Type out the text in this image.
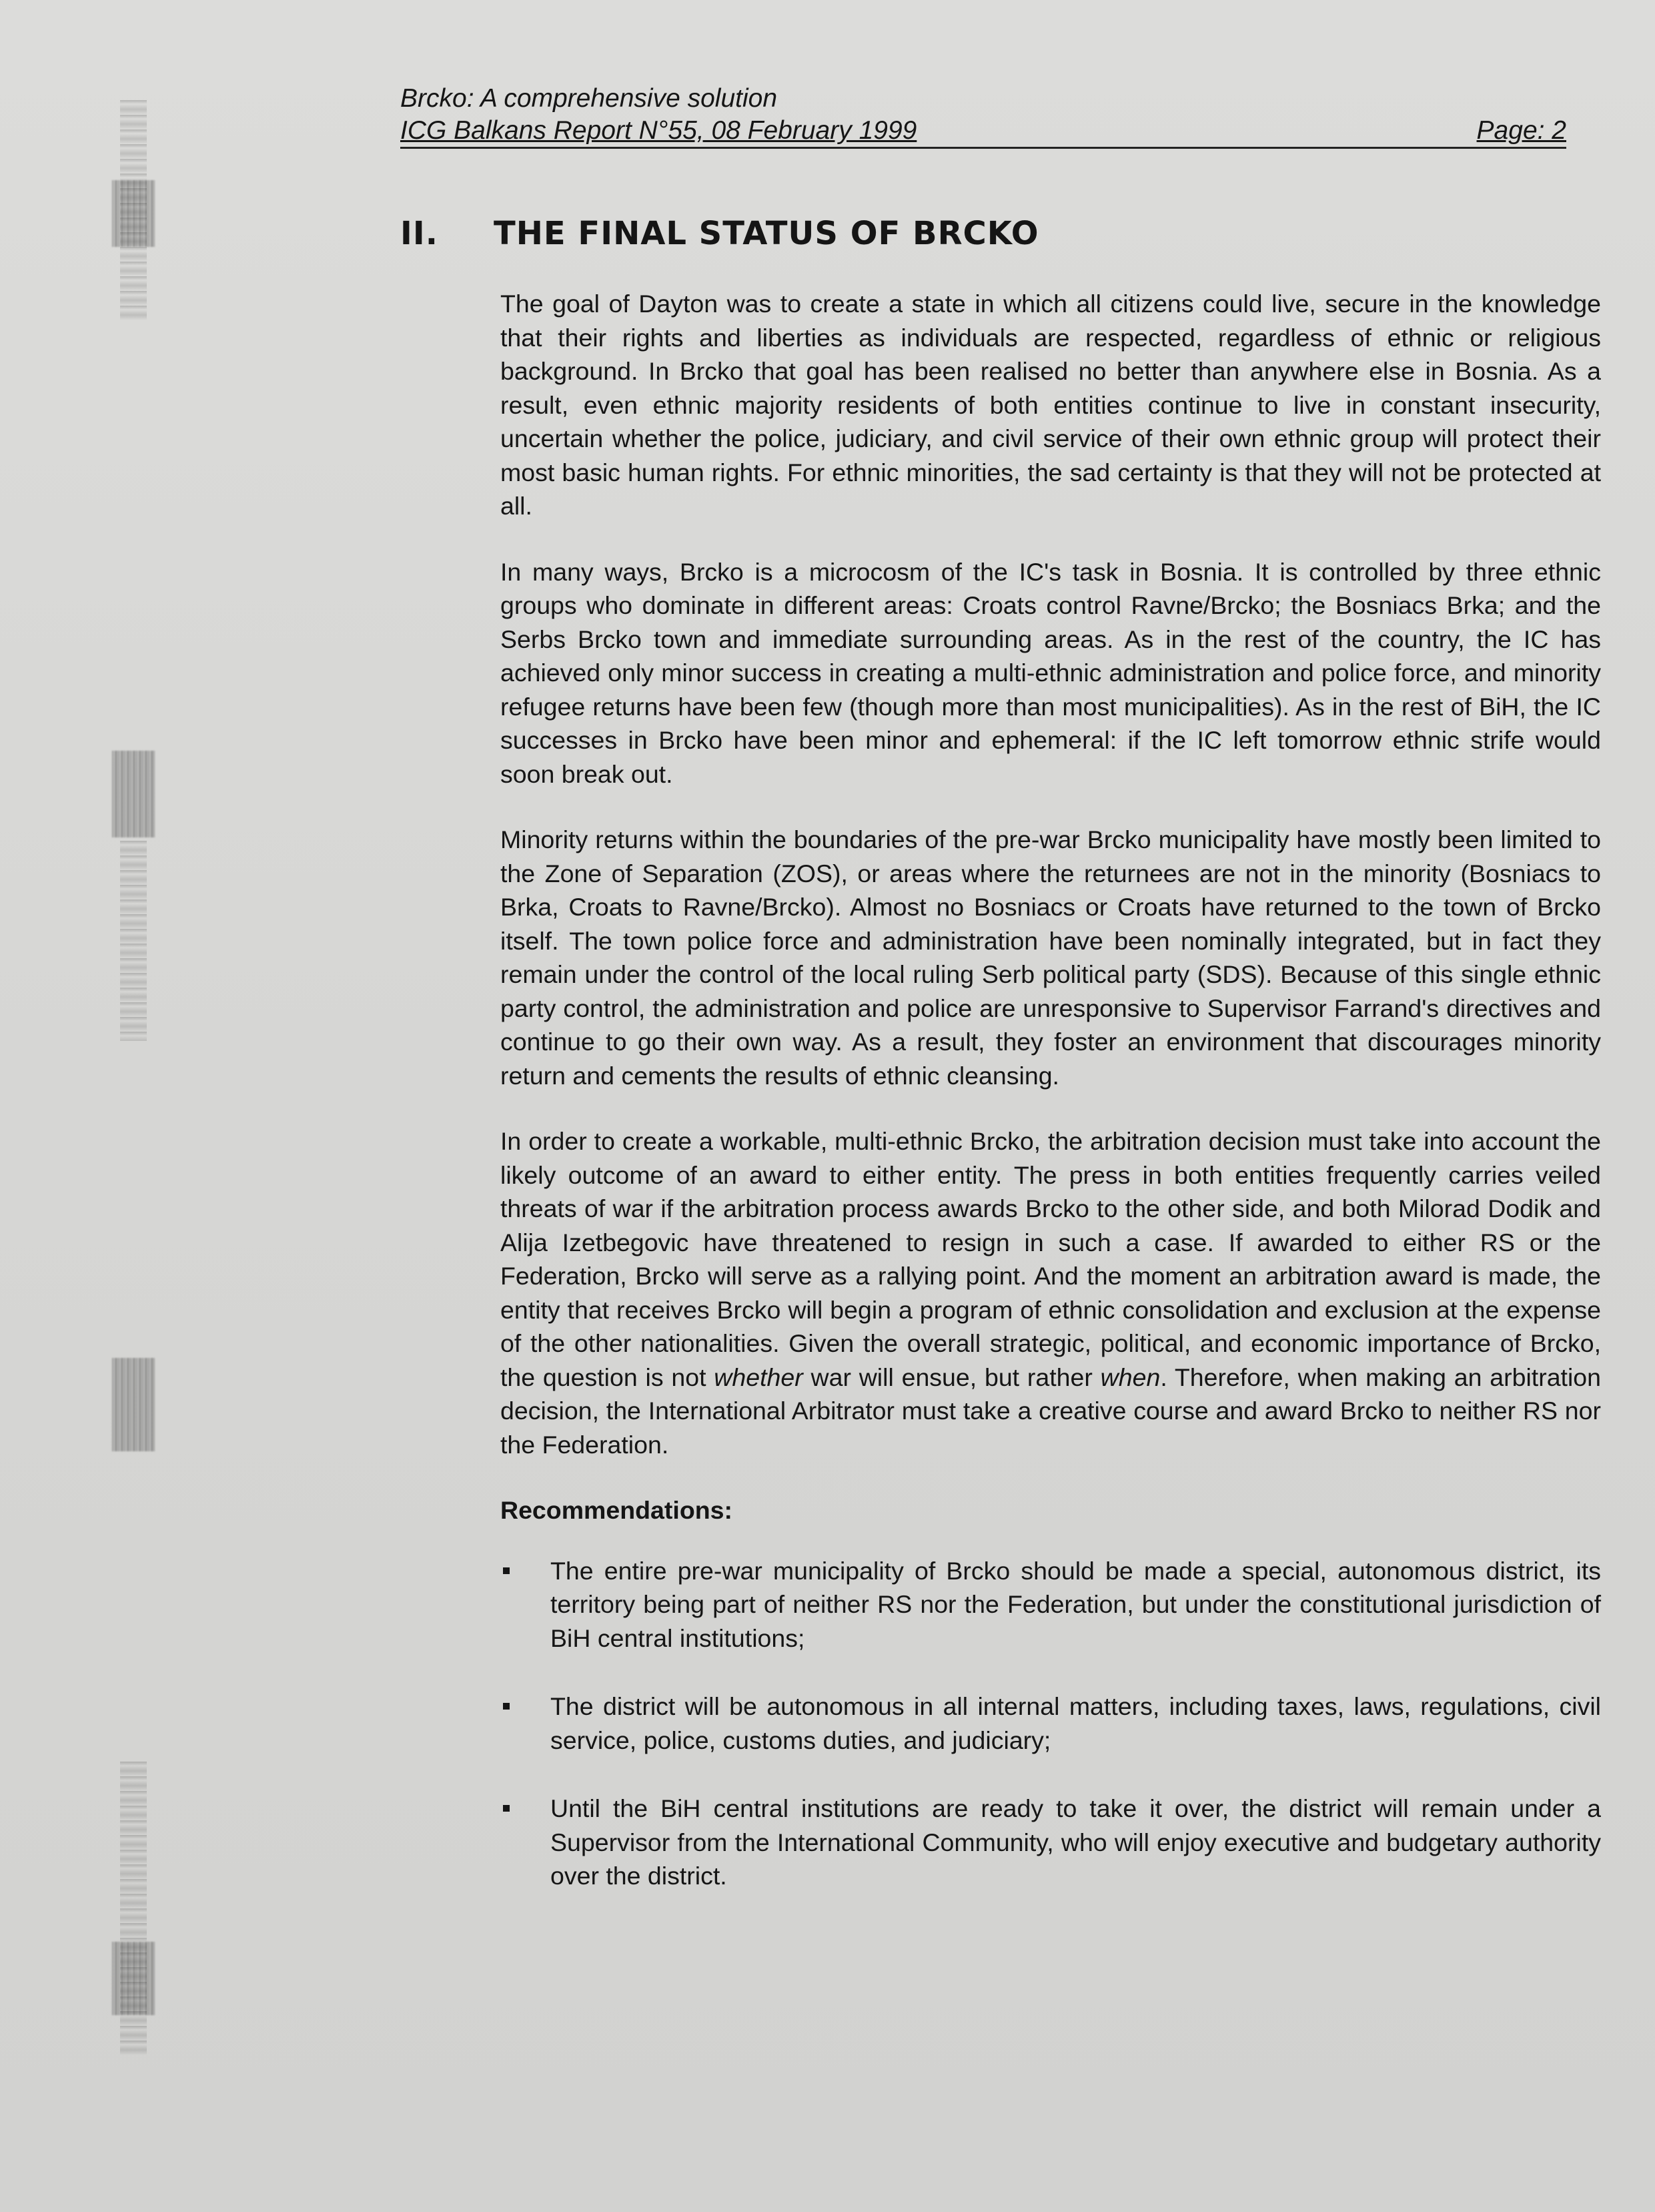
Brcko: A comprehensive solution
ICG Balkans Report N°55, 08 February 1999	Page: 2
II.	THE FINAL STATUS OF BRCKO

The goal of Dayton was to create a state in which all citizens could live, secure in the knowledge that their rights and liberties as individuals are respected, regardless of ethnic or religious background. In Brcko that goal has been realised no better than anywhere else in Bosnia. As a result, even ethnic majority residents of both entities continue to live in constant insecurity, uncertain whether the police, judiciary, and civil service of their own ethnic group will protect their most basic human rights. For ethnic minorities, the sad certainty is that they will not be protected at all.

In many ways, Brcko is a microcosm of the IC's task in Bosnia. It is controlled by three ethnic groups who dominate in different areas: Croats control Ravne/Brcko; the Bosniacs Brka; and the Serbs Brcko town and immediate surrounding areas. As in the rest of the country, the IC has achieved only minor success in creating a multi-ethnic administration and police force, and minority refugee returns have been few (though more than most municipalities). As in the rest of BiH, the IC successes in Brcko have been minor and ephemeral: if the IC left tomorrow ethnic strife would soon break out.

Minority returns within the boundaries of the pre-war Brcko municipality have mostly been limited to the Zone of Separation (ZOS), or areas where the returnees are not in the minority (Bosniacs to Brka, Croats to Ravne/Brcko). Almost no Bosniacs or Croats have returned to the town of Brcko itself. The town police force and administration have been nominally integrated, but in fact they remain under the control of the local ruling Serb political party (SDS). Because of this single ethnic party control, the administration and police are unresponsive to Supervisor Farrand's directives and continue to go their own way. As a result, they foster an environment that discourages minority return and cements the results of ethnic cleansing.

In order to create a workable, multi-ethnic Brcko, the arbitration decision must take into account the likely outcome of an award to either entity. The press in both entities frequently carries veiled threats of war if the arbitration process awards Brcko to the other side, and both Milorad Dodik and Alija Izetbegovic have threatened to resign in such a case. If awarded to either RS or the Federation, Brcko will serve as a rallying point. And the moment an arbitration award is made, the entity that receives Brcko will begin a program of ethnic consolidation and exclusion at the expense of the other nationalities. Given the overall strategic, political, and economic importance of Brcko, the question is not whether war will ensue, but rather when. Therefore, when making an arbitration decision, the International Arbitrator must take a creative course and award Brcko to neither RS nor the Federation.

Recommendations:
The entire pre-war municipality of Brcko should be made a special, autonomous district, its territory being part of neither RS nor the Federation, but under the constitutional jurisdiction of BiH central institutions;
The district will be autonomous in all internal matters, including taxes, laws, regulations, civil service, police, customs duties, and judiciary;
Until the BiH central institutions are ready to take it over, the district will remain under a Supervisor from the International Community, who will enjoy executive and budgetary authority over the district.
